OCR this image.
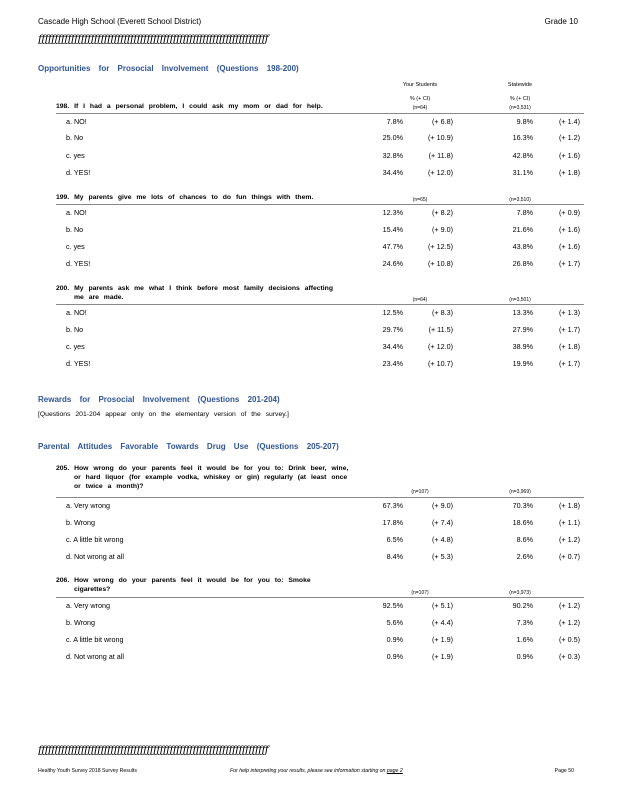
Cascade High School (Everett School District)	Grade 10
ƒƒƒƒƒƒƒƒƒƒƒƒƒƒƒƒƒƒƒƒƒƒƒƒƒƒƒƒƒƒƒƒƒƒƒƒƒƒƒƒƒƒƒƒƒƒƒƒƒƒƒƒƒƒƒƒƒƒƒƒƒƒƒƒƒƒƒƒƒƒ
Opportunities for Prosocial Involvement (Questions 198-200)
Your Students	Statewide
% (+ CI)	% (+ CI)
198. If I had a personal problem, I could ask my mom or dad for help.	(n=64)	(n=3,531)
a. NO!	7.8%	(+ 6.8)	9.8%	(+ 1.4)
b. No	25.0%	(+ 10.9)	16.3%	(+ 1.2)
c. yes	32.8%	(+ 11.8)	42.8%	(+ 1.6)
d. YES!	34.4%	(+ 12.0)	31.1%	(+ 1.8)
199. My parents give me lots of chances to do fun things with them.	(n=65)	(n=3,510)
a. NO!	12.3%	(+ 8.2)	7.8%	(+ 0.9)
b. No	15.4%	(+ 9.0)	21.6%	(+ 1.6)
c. yes	47.7%	(+ 12.5)	43.8%	(+ 1.6)
d. YES!	24.6%	(+ 10.8)	26.8%	(+ 1.7)
200. My parents ask me what I think before most family decisions affecting
me are made.	(n=64)	(n=3,501)
a. NO!	12.5%	(+ 8.3)	13.3%	(+ 1.3)
b. No	29.7%	(+ 11.5)	27.9%	(+ 1.7)
c. yes	34.4%	(+ 12.0)	38.9%	(+ 1.8)
d. YES!	23.4%	(+ 10.7)	19.9%	(+ 1.7)
Rewards for Prosocial Involvement (Questions 201-204)
[Questions 201-204 appear only on the elementary version of the survey.]
Parental Attitudes Favorable Towards Drug Use (Questions 205-207)
205. How wrong do your parents feel it would be for you to: Drink beer, wine,
or hard liquor (for example vodka, whiskey or gin) regularly (at least once
or twice a month)?
(n=107)	(n=3,969)
a. Very wrong	67.3%	(+ 9.0)	70.3%	(+ 1.8)
b. Wrong	17.8%	(+ 7.4)	18.6%	(+ 1.1)
c. A little bit wrong	6.5%	(+ 4.8)	8.6%	(+ 1.2)
d. Not wrong at all	8.4%	(+ 5.3)	2.6%	(+ 0.7)
206. How wrong do your parents feel it would be for you to: Smoke
cigarettes?
(n=107)	(n=3,973)
a. Very wrong	92.5%	(+ 5.1)	90.2%	(+ 1.2)
b. Wrong	5.6%	(+ 4.4)	7.3%	(+ 1.2)
c. A little bit wrong	0.9%	(+ 1.9)	1.6%	(+ 0.5)
d. Not wrong at all	0.9%	(+ 1.9)	0.9%	(+ 0.3)
ƒƒƒƒƒƒƒƒƒƒƒƒƒƒƒƒƒƒƒƒƒƒƒƒƒƒƒƒƒƒƒƒƒƒƒƒƒƒƒƒƒƒƒƒƒƒƒƒƒƒƒƒƒƒƒƒƒƒƒƒƒƒƒƒƒƒƒƒƒƒ
Healthy Youth Survey 2018 Survey Results	For help interpreting your results, please see information starting on page 2	Page 50
